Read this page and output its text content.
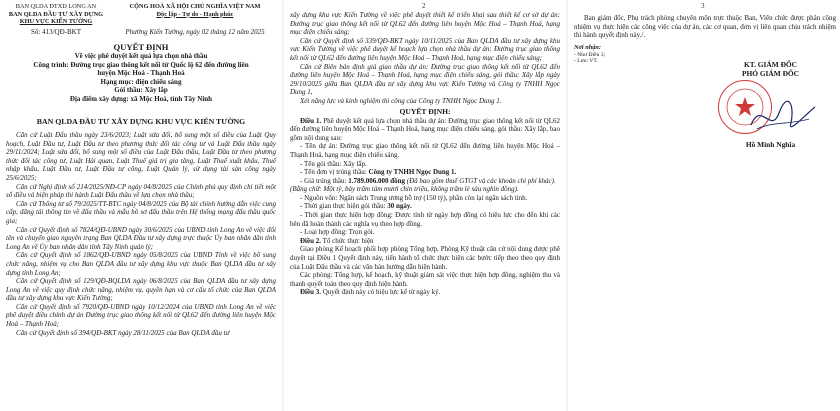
BAN QLDA ĐTXD LONG AN
BAN QLDA ĐẦU TƯ XÂY DỰNG
KHU VỰC KIẾN TƯỜNG
CỘNG HOÀ XÃ HỘI CHỦ NGHĨA VIỆT NAM
Độc lập - Tự do - Hạnh phúc
Số: 413/QĐ-BKT	Phường Kiến Tường, ngày 02 tháng 12 năm 2025
QUYẾT ĐỊNH
Về việc phê duyệt kết quả lựa chọn nhà thầu
Công trình: Đường trục giao thông kết nối từ Quốc lộ 62 đến đường liên
huyện Mộc Hoá - Thạnh Hoá
Hạng mục: điện chiếu sáng
Gói thầu: Xây lắp
Địa điểm xây dựng: xã Mộc Hoá, tỉnh Tây Ninh
BAN QLDA ĐẦU TƯ XÂY DỰNG KHU VỰC KIẾN TƯỜNG
Căn cứ Luật Đấu thầu ngày 23/6/2023; Luật sửa đổi, bổ sung một số điều của Luật Quy hoạch, Luật Đầu tư, Luật Đầu tư theo phương thức đối tác công tư và Luật Đấu thầu ngày 29/11/2024; Luật sửa đổi, bổ sung một số điều của Luật Đấu thầu, Luật Đầu tư theo phương thức đối tác công tư, Luật Hải quan, Luật Thuế giá trị gia tăng, Luật Thuế xuất khẩu, Thuế nhập khẩu, Luật Đầu tư, Luật Đầu tư công, Luật Quản lý, sử dụng tài sản công ngày 25/6/2025;
Căn cứ Nghị định số 214/2025/NĐ-CP ngày 04/8/2025 của Chính phủ quy định chi tiết một số điều và biện pháp thi hành Luật Đấu thầu về lựa chọn nhà thầu;
Căn cứ Thông tư số 79/2025/TT-BTC ngày 04/8/2025 của Bộ tài chính hướng dẫn việc cung cấp, đăng tải thông tin về đấu thầu và mẫu hồ sơ đấu thầu trên Hệ thống mạng đấu thầu quốc gia;
Căn cứ Quyết định số 7824/QĐ-UBND ngày 30/6/2025 của UBND tỉnh Long An về việc đổi tên và chuyển giao nguyên trạng Ban QLDA Đầu tư xây dựng trực thuộc Ủy ban nhân dân tỉnh Long An về Ủy ban nhân dân tỉnh Tây Ninh quản lý;
Căn cứ Quyết định số 1862/QĐ-UBND ngày 05/8/2025 của UBND Tỉnh về việc bổ sung chức năng, nhiệm vụ cho Ban QLDA đầu tư xây dựng khu vực thuộc Ban QLDA đầu tư xây dựng tỉnh Long An;
Căn cứ Quyết định số 129/QĐ-BQLDA ngày 06/8/2025 của Ban QLDA đầu tư xây dựng Long An về việc quy định chức năng, nhiệm vụ, quyền hạn và cơ cấu tổ chức của Ban QLDA đầu tư xây dựng khu vực Kiến Tường;
Căn cứ Quyết định số 7920/QĐ-UBND ngày 10/12/2024 của UBND tỉnh Long An về việc phê duyệt điều chỉnh dự án Đường trục giao thông kết nối từ QL62 đến đường liên huyện Mộc Hoá – Thạnh Hoá;
Căn cứ Quyết định số 394/QĐ-BKT ngày 28/11/2025 của Ban QLDA đầu tư
2
xây dựng khu vực Kiến Tường về việc phê duyệt thiết kế triển khai sau thiết kế cơ sở dự án: Đường trục giao thông kết nối từ QL62 đến đường liên huyện Mộc Hoá – Thạnh Hoá, hạng mục điện chiếu sáng;
Căn cứ Quyết định số 339/QĐ-BKT ngày 10/11/2025 của Ban QLDA đầu tư xây dựng khu vực Kiến Tường về việc phê duyệt kế hoạch lựa chọn nhà thầu dự án: Đường trục giao thông kết nối từ QL62 đến đường liên huyện Mộc Hoá – Thạnh Hoá, hạng mục điện chiếu sáng;
Căn cứ Biên bản định giá giao thầu dự án: Đường trục giao thông kết nối từ QL62 đến đường liên huyện Mộc Hoá – Thạnh Hoá, hạng mục điện chiếu sáng, gói thầu: Xây lắp ngày 29/10/2025 giữa Ban QLDA đầu tư xây dựng khu vực Kiến Tường và Công ty TNHH Ngọc Dung 1,
Xét năng lực và kinh nghiệm thi công của Công ty TNHH Ngọc Dung 1.
QUYẾT ĐỊNH:
Điều 1. Phê duyệt kết quả lựa chọn nhà thầu dự án: Đường trục giao thông kết nối từ QL62 đến đường liên huyện Mộc Hoá – Thạnh Hoá, hạng mục điện chiếu sáng, gói thầu: Xây lắp, bao gồm nội dung sau:
- Tên dự án: Đường trục giao thông kết nối từ QL62 đến đường liên huyện Mộc Hoá – Thạnh Hoá, hạng mục điện chiếu sáng.
- Tên gói thầu: Xây lắp.
- Tên đơn vị trúng thầu: Công ty TNHH Ngọc Dung 1.
- Giá trúng thầu: 1.789.006.000 đồng (Đã bao gồm thuế GTGT và các khoản chi phí khác).
(Bằng chữ: Một tỷ, bảy trăm tám mươi chín triệu, không trăm lẻ sáu nghìn đồng).
- Nguồn vốn: Ngân sách Trung ương hỗ trợ (150 tỷ), phần còn lại ngân sách tỉnh.
- Thời gian thực hiện gói thầu: 30 ngày.
- Thời gian thực hiện hợp đồng: Được tính từ ngày hợp đồng có hiệu lực cho đến khi các bên đã hoàn thành các nghĩa vụ theo hợp đồng.
- Loại hợp đồng: Trọn gói.
Điều 2. Tổ chức thực hiện
Giao phòng Kế hoạch phối hợp phòng Tổng hợp, Phòng Kỹ thuật căn cứ nội dung được phê duyệt tại Điều 1 Quyết định này, tiến hành tổ chức thực hiện các bước tiếp theo theo quy định của Luật Đấu thầu và các văn bản hướng dẫn hiện hành.
Các phòng: Tổng hợp, kế hoạch, kỹ thuật giám sát việc thực hiện hợp đồng, nghiệm thu và thanh quyết toán theo quy định hiện hành.
Điều 3. Quyết định này có hiệu lực kể từ ngày ký.
3
Ban giám đốc, Phụ trách phòng chuyên môn trực thuộc Ban, Viên chức được phân công nhiệm vụ thực hiện các công việc của dự án, các cơ quan, đơn vị liên quan chịu trách nhiệm thi hành quyết định này./.
Nơi nhận:
- Như Điều 3;
- Lưu: VT.	KT. GIÁM ĐỐC
PHÓ GIÁM ĐỐC
Hồ Minh Nghĩa
